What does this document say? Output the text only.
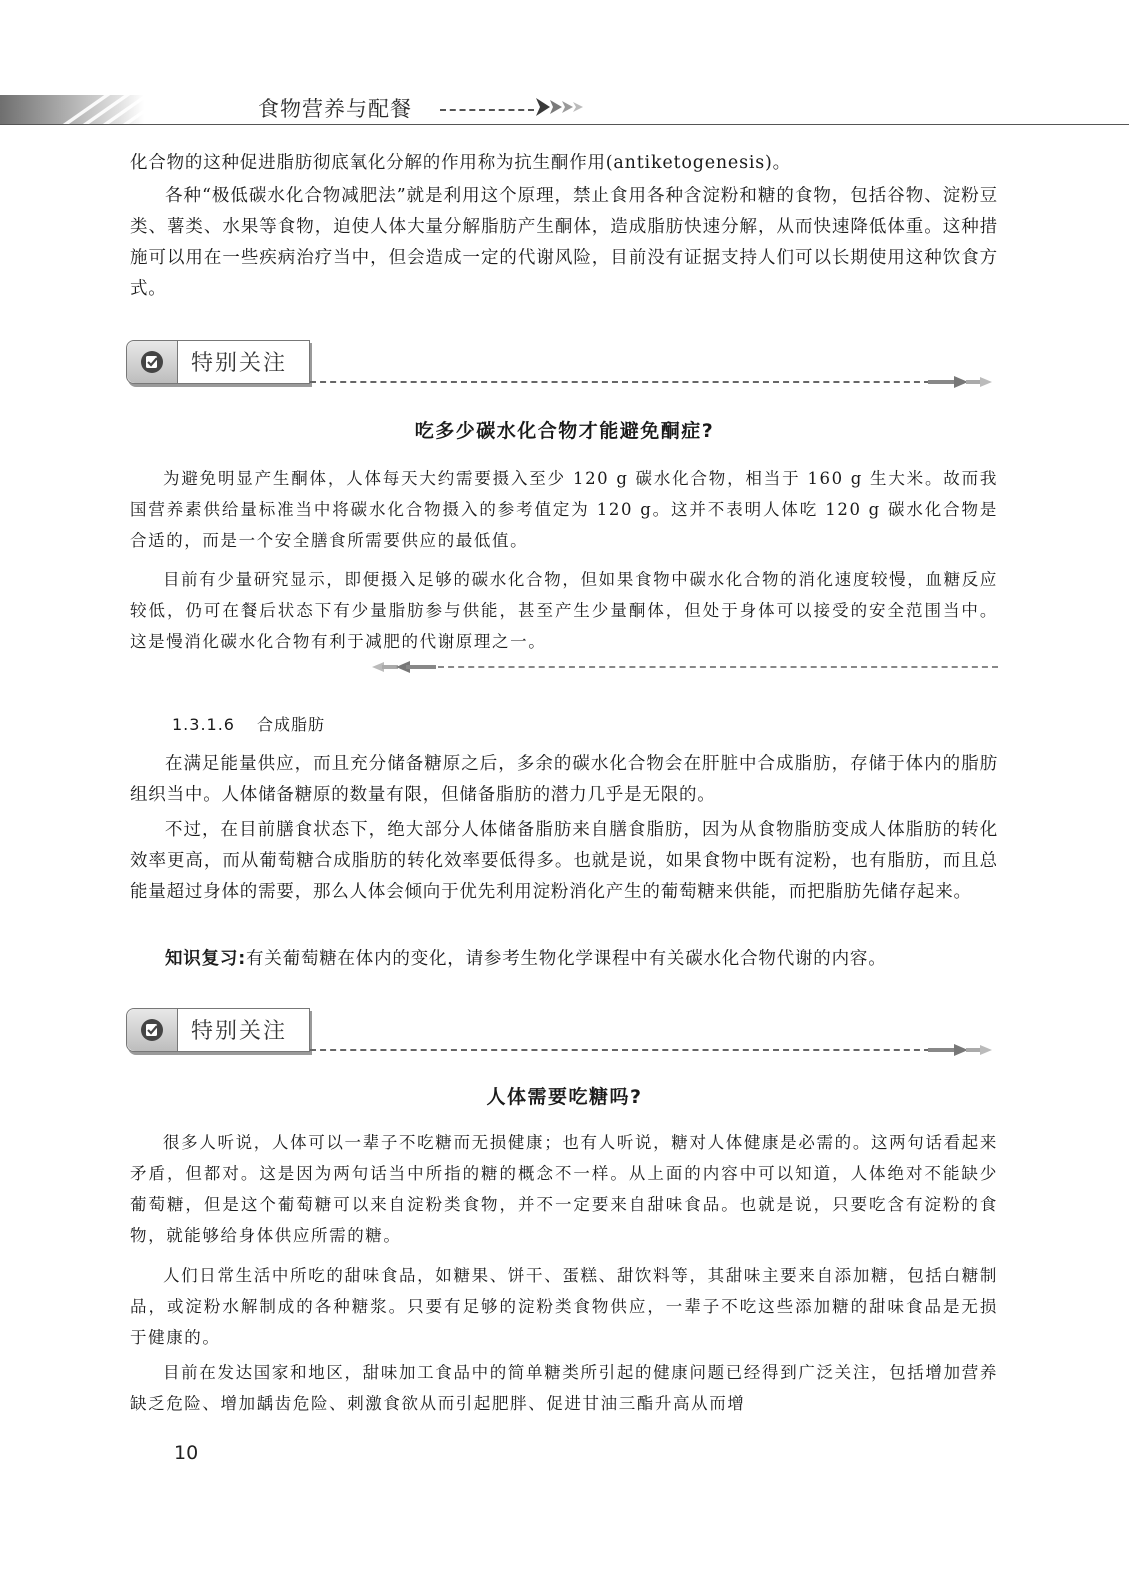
食物营养与配餐

化合物的这种促进脂肪彻底氧化分解的作用称为抗生酮作用(antiketogenesis)。

各种“极低碳水化合物减肥法”就是利用这个原理，禁止食用各种含淀粉和糖的食物，包括谷物、淀粉豆类、薯类、水果等食物，迫使人体大量分解脂肪产生酮体，造成脂肪快速分解，从而快速降低体重。这种措施可以用在一些疾病治疗当中，但会造成一定的代谢风险，目前没有证据支持人们可以长期使用这种饮食方式。

特别关注
吃多少碳水化合物才能避免酮症?

为避免明显产生酮体，人体每天大约需要摄入至少 120 g 碳水化合物，相当于 160 g 生大米。故而我国营养素供给量标准当中将碳水化合物摄入的参考值定为 120 g。这并不表明人体吃 120 g 碳水化合物是合适的，而是一个安全膳食所需要供应的最低值。

目前有少量研究显示，即便摄入足够的碳水化合物，但如果食物中碳水化合物的消化速度较慢，血糖反应较低，仍可在餐后状态下有少量脂肪参与供能，甚至产生少量酮体，但处于身体可以接受的安全范围当中。这是慢消化碳水化合物有利于减肥的代谢原理之一。

1.3.1.6 合成脂肪

在满足能量供应，而且充分储备糖原之后，多余的碳水化合物会在肝脏中合成脂肪，存储于体内的脂肪组织当中。人体储备糖原的数量有限，但储备脂肪的潜力几乎是无限的。

不过，在目前膳食状态下，绝大部分人体储备脂肪来自膳食脂肪，因为从食物脂肪变成人体脂肪的转化效率更高，而从葡萄糖合成脂肪的转化效率要低得多。也就是说，如果食物中既有淀粉，也有脂肪，而且总能量超过身体的需要，那么人体会倾向于优先利用淀粉消化产生的葡萄糖来供能，而把脂肪先储存起来。

知识复习:有关葡萄糖在体内的变化，请参考生物化学课程中有关碳水化合物代谢的内容。

特别关注
人体需要吃糖吗?

很多人听说，人体可以一辈子不吃糖而无损健康；也有人听说，糖对人体健康是必需的。这两句话看起来矛盾，但都对。这是因为两句话当中所指的糖的概念不一样。从上面的内容中可以知道，人体绝对不能缺少葡萄糖，但是这个葡萄糖可以来自淀粉类食物，并不一定要来自甜味食品。也就是说，只要吃含有淀粉的食物，就能够给身体供应所需的糖。

人们日常生活中所吃的甜味食品，如糖果、饼干、蛋糕、甜饮料等，其甜味主要来自添加糖，包括白糖制品，或淀粉水解制成的各种糖浆。只要有足够的淀粉类食物供应，一辈子不吃这些添加糖的甜味食品是无损于健康的。

目前在发达国家和地区，甜味加工食品中的简单糖类所引起的健康问题已经得到广泛关注，包括增加营养缺乏危险、增加龋齿危险、刺激食欲从而引起肥胖、促进甘油三酯升高从而增

10
